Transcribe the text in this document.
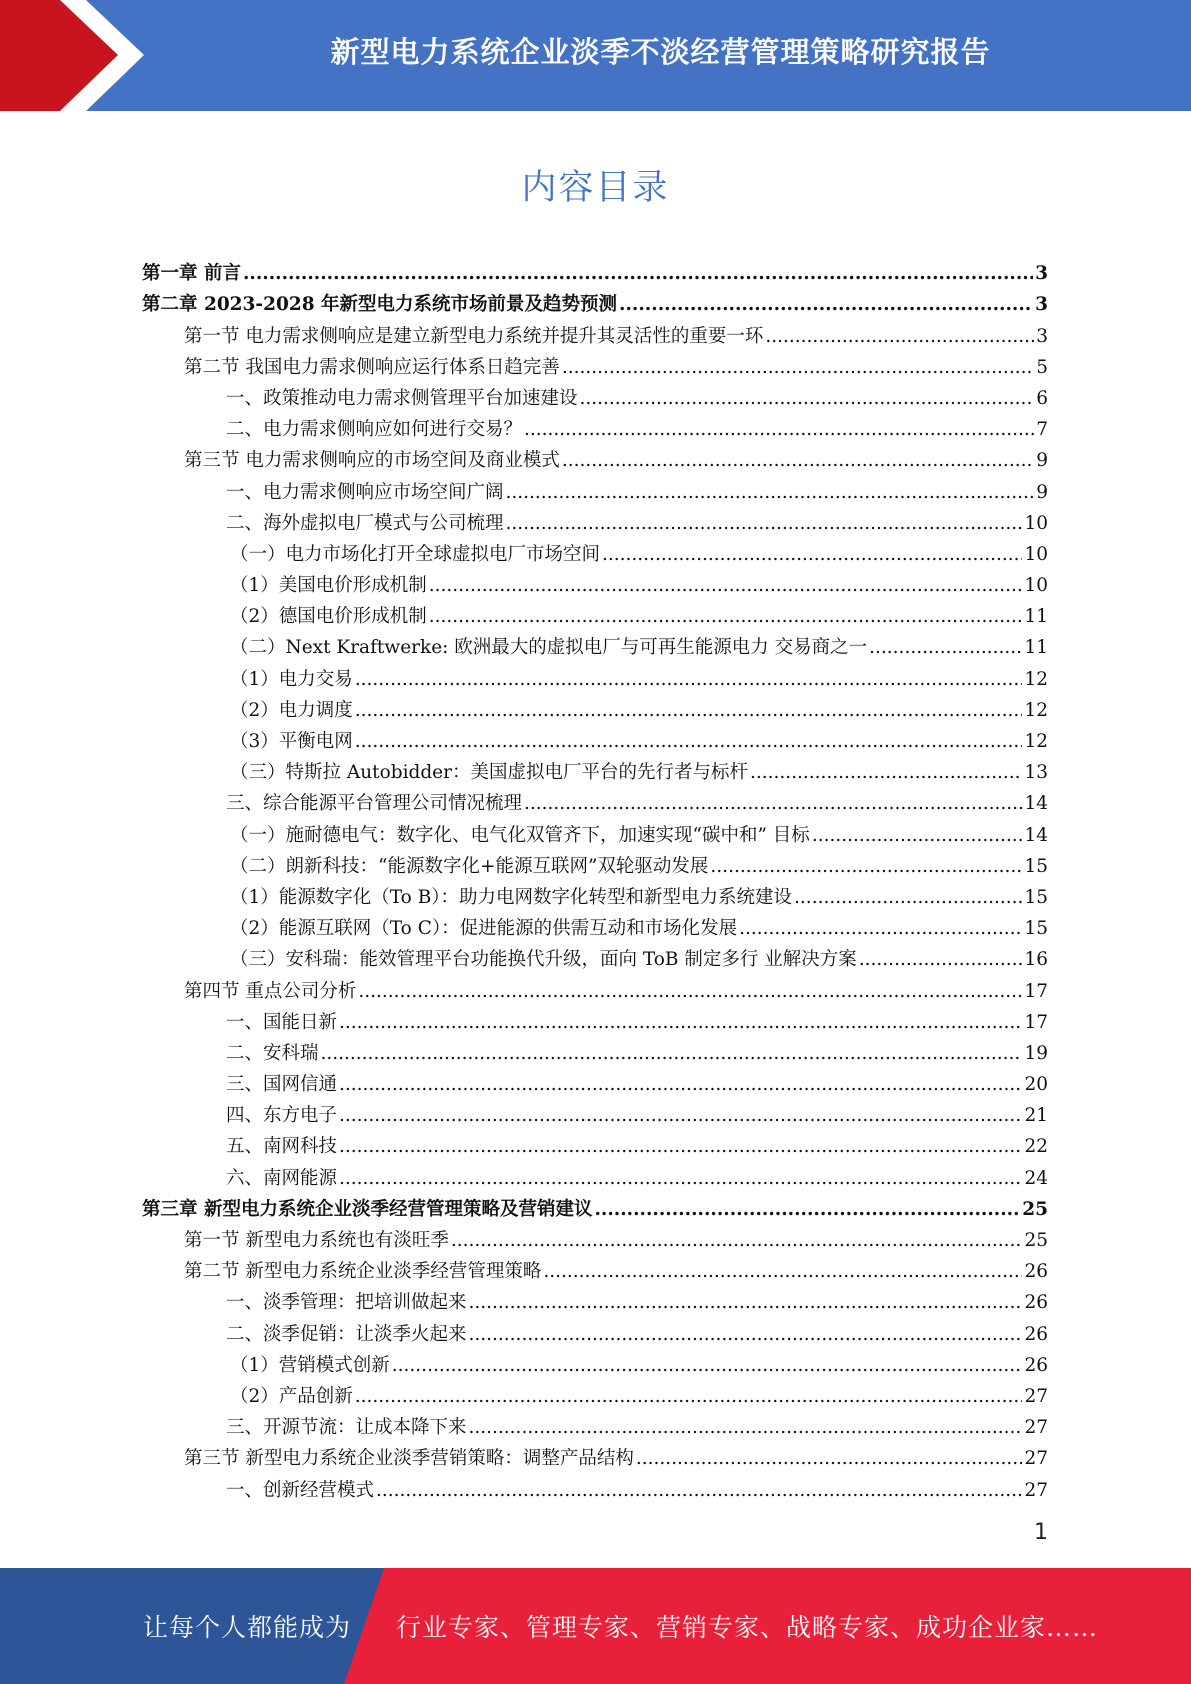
新型电力系统企业淡季不淡经营管理策略研究报告
内容目录
第一章 前言 .....	3
第二章 2023-2028 年新型电力系统市场前景及趋势预测 .....	3
第一节 电力需求侧响应是建立新型电力系统并提升其灵活性的重要一环 .....	3
第二节 我国电力需求侧响应运行体系日趋完善 .....	5
一、政策推动电力需求侧管理平台加速建设 .....	6
二、电力需求侧响应如何进行交易？ .....	7
第三节 电力需求侧响应的市场空间及商业模式 .....	9
一、电力需求侧响应市场空间广阔 .....	9
二、海外虚拟电厂模式与公司梳理 .....	10
（一）电力市场化打开全球虚拟电厂市场空间 .....	10
（1）美国电价形成机制 .....	10
（2）德国电价形成机制 .....	11
（二）Next Kraftwerke: 欧洲最大的虚拟电厂与可再生能源电力 交易商之一 .....	11
（1）电力交易 .....	12
（2）电力调度 .....	12
（3）平衡电网 .....	12
（三）特斯拉 Autobidder：美国虚拟电厂平台的先行者与标杆 .....	13
三、综合能源平台管理公司情况梳理 .....	14
（一）施耐德电气：数字化、电气化双管齐下，加速实现“碳中和” 目标 .....	14
（二）朗新科技：“能源数字化+能源互联网”双轮驱动发展 .....	15
（1）能源数字化（To B）：助力电网数字化转型和新型电力系统建设 .....	15
（2）能源互联网（To C）：促进能源的供需互动和市场化发展 .....	15
（三）安科瑞：能效管理平台功能换代升级，面向 ToB 制定多行 业解决方案 .....	16
第四节 重点公司分析 .....	17
一、国能日新 .....	17
二、安科瑞 .....	19
三、国网信通 .....	20
四、东方电子 .....	21
五、南网科技 .....	22
六、南网能源 .....	24
第三章 新型电力系统企业淡季经营管理策略及营销建议 .....	25
第一节 新型电力系统也有淡旺季 .....	25
第二节 新型电力系统企业淡季经营管理策略 .....	26
一、淡季管理：把培训做起来 .....	26
二、淡季促销：让淡季火起来 .....	26
（1）营销模式创新 .....	26
（2）产品创新 .....	27
三、开源节流：让成本降下来 .....	27
第三节 新型电力系统企业淡季营销策略：调整产品结构 .....	27
一、创新经营模式 .....	27
1
让每个人都能成为 行业专家、管理专家、营销专家、战略专家、成功企业家……
